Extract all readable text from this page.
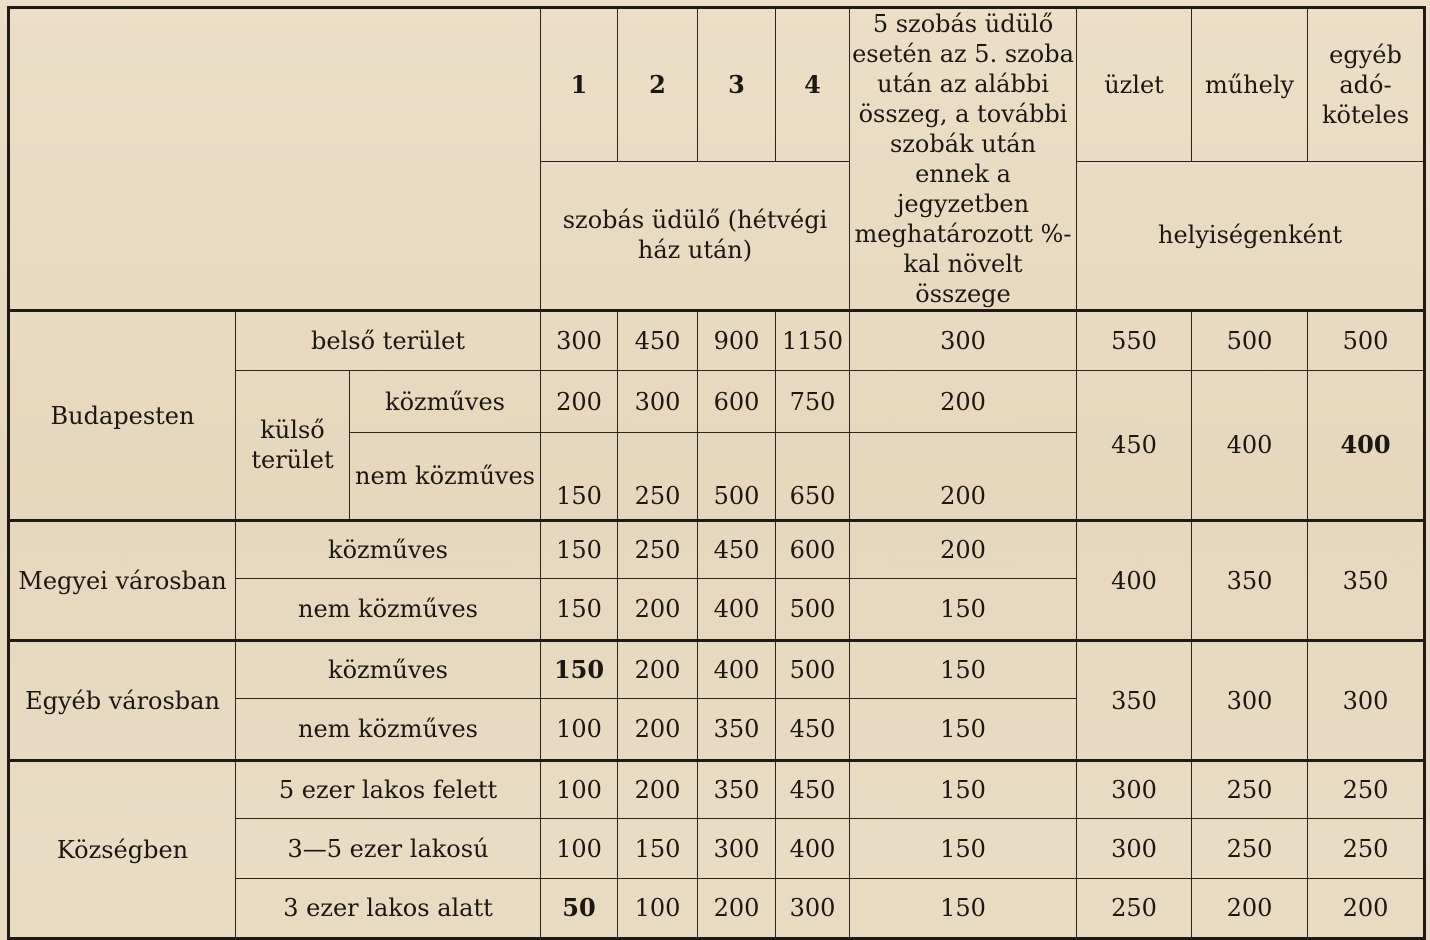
			1	2	3	4	5 szobás üdülő esetén az 5. szoba után az alábbi összeg, a további szobák után ennek a jegyzetben meghatározott %-kal növelt összege	üzlet	műhely	egyéb adó-köteles
			szobás üdülő (hétvégi ház után)					helyiségenként		
Budapesten	belső terület		300	450	900	1150	300	550	500	500
	külső terület	közműves	200	300	600	750	200	450	400	400
		nem közműves	150	250	500	650	200			

Megyei városban	közműves		150	250	450	600	200	400	350	350
	nem közműves		150	200	400	500	150			
Egyéb városban	közműves		150	200	400	500	150	350	300	300
	nem közműves		100	200	350	450	150			
Községben	5 ezer lakos felett		100	200	350	450	150	300	250	250
	3—5 ezer lakosú		100	150	300	400	150	300	250	250
	3 ezer lakos alatt		50	100	200	300	150	250	200	200
